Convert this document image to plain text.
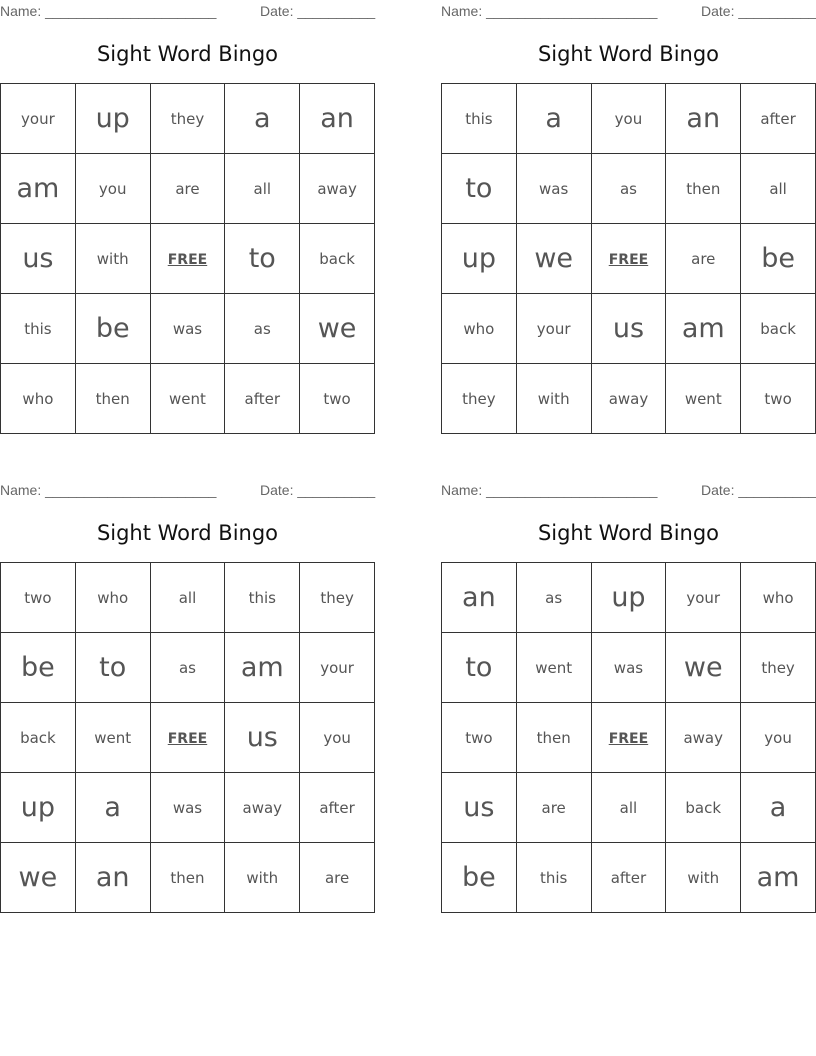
Name: ______________________	Date: __________
Sight Word Bingo
your	up	they	a	an
am	you	are	all	away
us	with	FREE	to	back
this	be	was	as	we
who	then	went	after	two
Name: ______________________	Date: __________
Sight Word Bingo
this	a	you	an	after
to	was	as	then	all
up	we	FREE	are	be
who	your	us	am	back
they	with	away	went	two
Name: ______________________	Date: __________
Sight Word Bingo
two	who	all	this	they
be	to	as	am	your
back	went	FREE	us	you
up	a	was	away	after
we	an	then	with	are
Name: ______________________	Date: __________
Sight Word Bingo
an	as	up	your	who
to	went	was	we	they
two	then	FREE	away	you
us	are	all	back	a
be	this	after	with	am
